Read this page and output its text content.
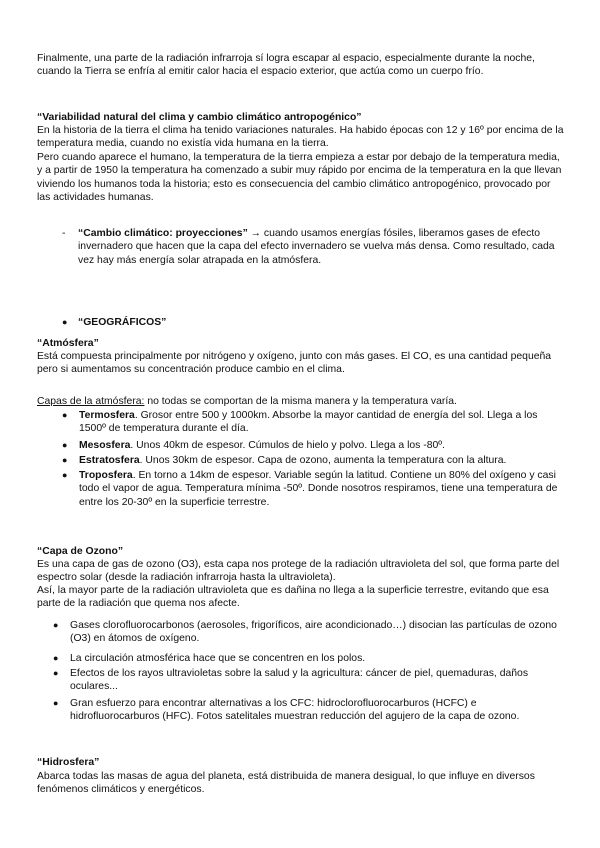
Finalmente, una parte de la radiación infrarroja sí logra escapar al espacio, especialmente durante la noche, cuando la Tierra se enfría al emitir calor hacia el espacio exterior, que actúa como un cuerpo frío.

“Variabilidad natural del clima y cambio climático antropogénico”

En la historia de la tierra el clima ha tenido variaciones naturales. Ha habido épocas con 12 y 16º por encima de la temperatura media, cuando no existía vida humana en la tierra.

Pero cuando aparece el humano, la temperatura de la tierra empieza a estar por debajo de la temperatura media, y a partir de 1950 la temperatura ha comenzado a subir muy rápido por encima de la temperatura en la que llevan viviendo los humanos toda la historia; esto es consecuencia del cambio climático antropogénico, provocado por las actividades humanas.

- “Cambio climático: proyecciones” → cuando usamos energías fósiles, liberamos gases de efecto invernadero que hacen que la capa del efecto invernadero se vuelva más densa. Como resultado, cada vez hay más energía solar atrapada en la atmósfera.

● “GEOGRÁFICOS”

“Atmósfera”

Está compuesta principalmente por nitrógeno y oxígeno, junto con más gases. El CO, es una cantidad pequeña pero si aumentamos su concentración produce cambio en el clima.

Capas de la atmósfera: no todas se comportan de la misma manera y la temperatura varía.

● Termosfera. Grosor entre 500 y 1000km. Absorbe la mayor cantidad de energía del sol. Llega a los 1500º de temperatura durante el día.

● Mesosfera. Unos 40km de espesor. Cúmulos de hielo y polvo. Llega a los -80º.

● Estratosfera. Unos 30km de espesor. Capa de ozono, aumenta la temperatura con la altura.

● Troposfera. En torno a 14km de espesor. Variable según la latitud. Contiene un 80% del oxígeno y casi todo el vapor de agua. Temperatura mínima -50º. Donde nosotros respiramos, tiene una temperatura de entre los 20-30º en la superficie terrestre.

“Capa de Ozono”

Es una capa de gas de ozono (O3), esta capa nos protege de la radiación ultravioleta del sol, que forma parte del espectro solar (desde la radiación infrarroja hasta la ultravioleta).

Así, la mayor parte de la radiación ultravioleta que es dañina no llega a la superficie terrestre, evitando que esa parte de la radiación que quema nos afecte.

● Gases clorofluorocarbonos (aerosoles, frigoríficos, aire acondicionado…) disocian las partículas de ozono (O3) en átomos de oxígeno.

● La circulación atmosférica hace que se concentren en los polos.

● Efectos de los rayos ultravioletas sobre la salud y la agricultura: cáncer de piel, quemaduras, daños oculares...

● Gran esfuerzo para encontrar alternativas a los CFC: hidroclorofluorocarburos (HCFC) e hidrofluorocarburos (HFC). Fotos satelitales muestran reducción del agujero de la capa de ozono.

“Hidrosfera”

Abarca todas las masas de agua del planeta, está distribuida de manera desigual, lo que influye en diversos fenómenos climáticos y energéticos.
